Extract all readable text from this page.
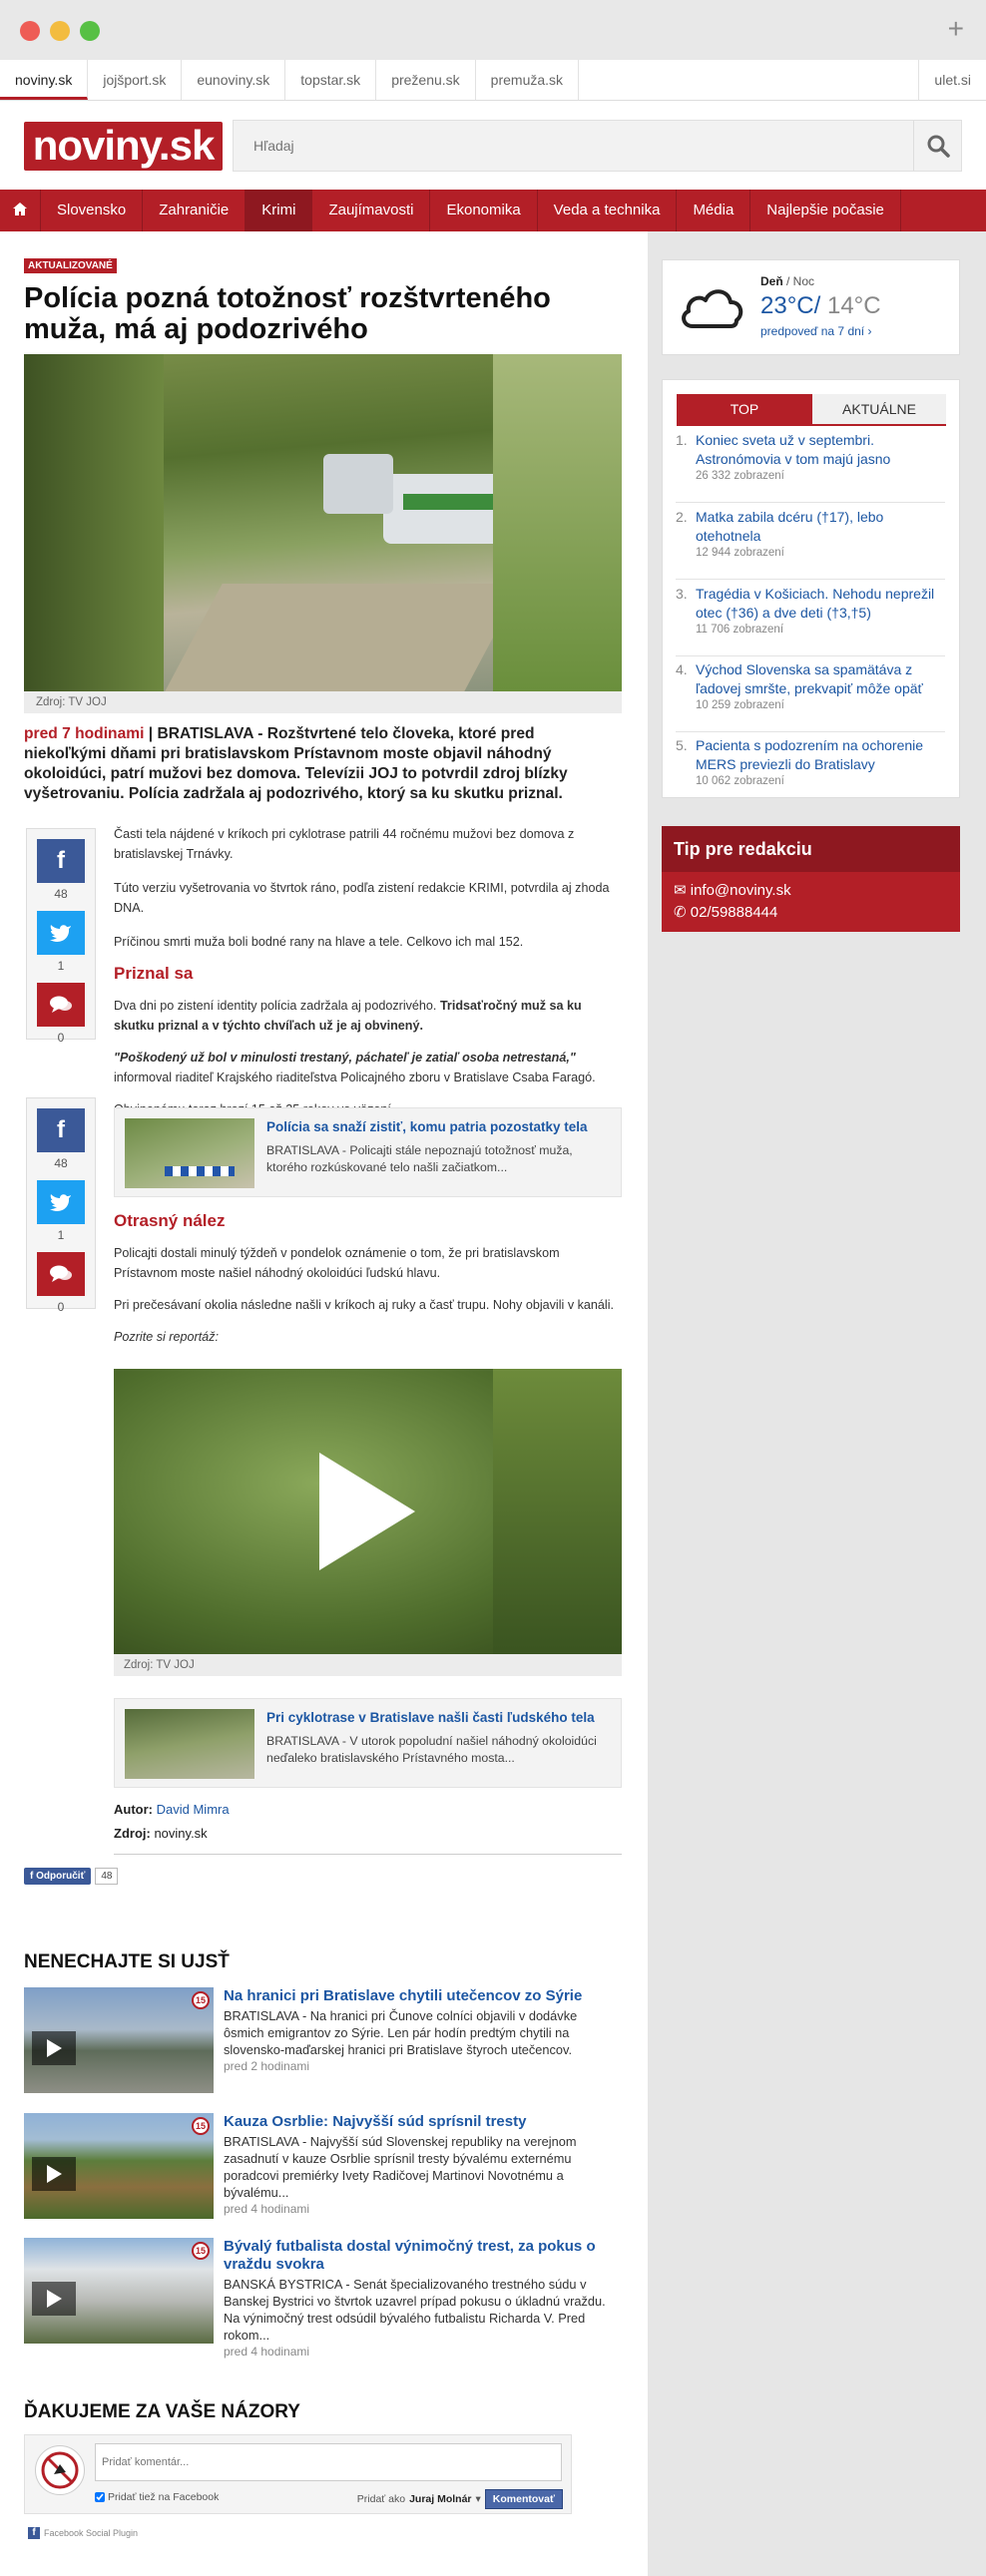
+
noviny.sk	jojšport.sk	eunoviny.sk	topstar.sk	preženu.sk	premuža.sk	ulet.si
noviny.sk
Hľadaj
Slovensko	Zahraničie	Krimi	Zaujímavosti	Ekonomika	Veda a technika	Média	Najlepšie počasie
Deň / Noc
23°C/ 14°C
predpoveď na 7 dní ›
TOP	AKTUÁLNE
1. Koniec sveta už v septembri. Astronómovia v tom majú jasno
26 332 zobrazení
2. Matka zabila dcéru (†17), lebo otehotnela
12 944 zobrazení
3. Tragédia v Košiciach. Nehodu neprežil otec (†36) a dve deti (†3,†5)
11 706 zobrazení
4. Východ Slovenska sa spamätáva z ľadovej smršte, prekvapiť môže opäť
10 259 zobrazení
5. Pacienta s podozrením na ochorenie MERS previezli do Bratislavy
10 062 zobrazení
Tip pre redakciu
✉ info@noviny.sk
✆ 02/59888444
AKTUALIZOVANÉ
Polícia pozná totožnosť rozštvrteného muža, má aj podozrivého
Zdroj: TV JOJ
pred 7 hodinami | BRATISLAVA - Rozštvrtené telo človeka, ktoré pred niekoľkými dňami pri bratislavskom Prístavnom moste objavil náhodný okoloidúci, patrí mužovi bez domova. Televízii JOJ to potvrdil zdroj blízky vyšetrovaniu. Polícia zadržala aj podozrivého, ktorý sa ku skutku priznal.
f
48
1
0

Časti tela nájdené v kríkoch pri cyklotrase patrili 44 ročnému mužovi bez domova z bratislavskej Trnávky.

Túto verziu vyšetrovania vo štvrtok ráno, podľa zistení redakcie KRIMI, potvrdila aj zhoda DNA.

Príčinou smrti muža boli bodné rany na hlave a tele. Celkovo ich mal 152.

Priznal sa

Dva dni po zistení identity polícia zadržala aj podozrivého. Tridsaťročný muž sa ku skutku priznal a v týchto chvíľach už je aj obvinený.

"Poškodený už bol v minulosti trestaný, páchateľ je zatiaľ osoba netrestaná," informoval riaditeľ Krajského riaditeľstva Policajného zboru v Bratislave Csaba Faragó.

f
48
1
0
Polícia sa snaží zistiť, komu patria pozostatky tela
BRATISLAVA - Policajti stále nepoznajú totožnosť muža, ktorého rozkúskované telo našli začiatkom...
Otrasný nález

Policajti dostali minulý týždeň v pondelok oznámenie o tom, že pri bratislavskom Prístavnom moste našiel náhodný okoloidúci ľudskú hlavu.

Pri prečesávaní okolia následne našli v kríkoch aj ruky a časť trupu. Nohy objavili v kanáli.

Pozrite si reportáž:

Zdroj: TV JOJ
Pri cyklotrase v Bratislave našli časti ľudského tela
BRATISLAVA - V utorok popoludní našiel náhodný okoloidúci neďaleko bratislavského Prístavného mosta...
Autor: David Mimra
Zdroj: noviny.sk
f Odporučiť	48
NENECHAJTE SI UJSŤ
15 Na hranici pri Bratislave chytili utečencov zo Sýrie
BRATISLAVA - Na hranici pri Čunove colníci objavili v dodávke ôsmich emigrantov zo Sýrie. Len pár hodín predtým chytili na slovensko-maďarskej hranici pri Bratislave štyroch utečencov.
pred 2 hodinami
15 Kauza Osrblie: Najvyšší súd sprísnil tresty
BRATISLAVA - Najvyšší súd Slovenskej republiky na verejnom zasadnutí v kauze Osrblie sprísnil tresty bývalému externému poradcovi premiérky Ivety Radičovej Martinovi Novotnému a bývalému...
pred 4 hodinami
15 Bývalý futbalista dostal výnimočný trest, za pokus o vraždu svokra
BANSKÁ BYSTRICA - Senát špecializovaného trestného súdu v Banskej Bystrici vo štvrtok uzavrel prípad pokusu o úkladnú vraždu. Na výnimočný trest odsúdil bývalého futbalistu Richarda V. Pred rokom...
pred 4 hodinami
ĎAKUJEME ZA VAŠE NÁZORY
Pridať komentár...
Pridať tiež na Facebook	Pridať ako Juraj Molnár ▾	Komentovať
f Facebook Social Plugin
